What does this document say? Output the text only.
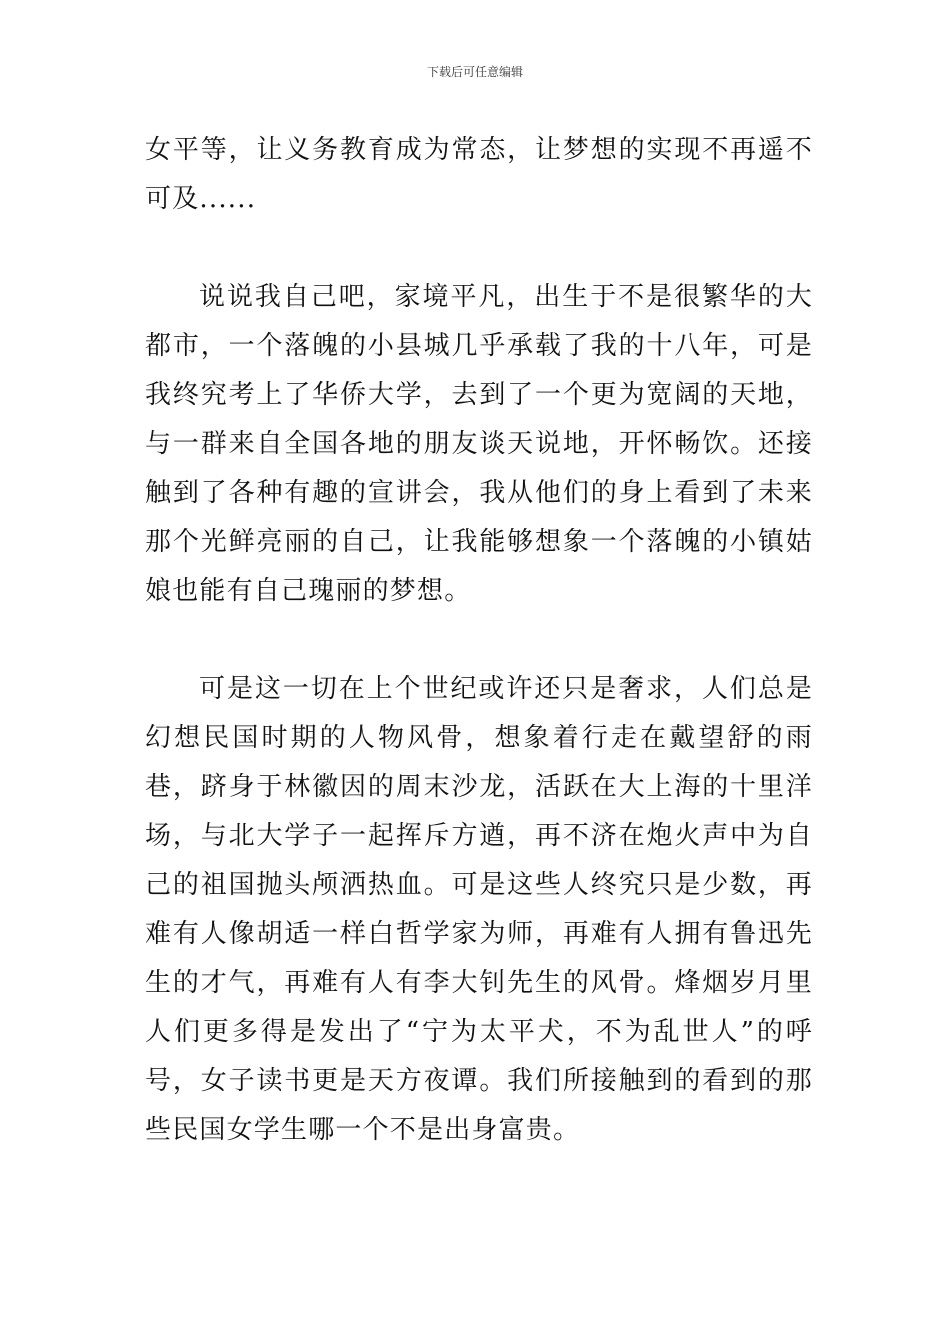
下载后可任意编辑

女平等，让义务教育成为常态，让梦想的实现不再遥不可及......

说说我自己吧，家境平凡，出生于不是很繁华的大都市，一个落魄的小县城几乎承载了我的十八年，可是我终究考上了华侨大学，去到了一个更为宽阔的天地，与一群来自全国各地的朋友谈天说地，开怀畅饮。还接触到了各种有趣的宣讲会，我从他们的身上看到了未来那个光鲜亮丽的自己，让我能够想象一个落魄的小镇姑娘也能有自己瑰丽的梦想。

可是这一切在上个世纪或许还只是奢求，人们总是幻想民国时期的人物风骨，想象着行走在戴望舒的雨巷，跻身于林徽因的周末沙龙，活跃在大上海的十里洋场，与北大学子一起挥斥方遒，再不济在炮火声中为自己的祖国抛头颅洒热血。可是这些人终究只是少数，再难有人像胡适一样白哲学家为师，再难有人拥有鲁迅先生的才气，再难有人有李大钊先生的风骨。烽烟岁月里人们更多得是发出了“宁为太平犬，不为乱世人”的呼号，女子读书更是天方夜谭。我们所接触到的看到的那些民国女学生哪一个不是出身富贵。
